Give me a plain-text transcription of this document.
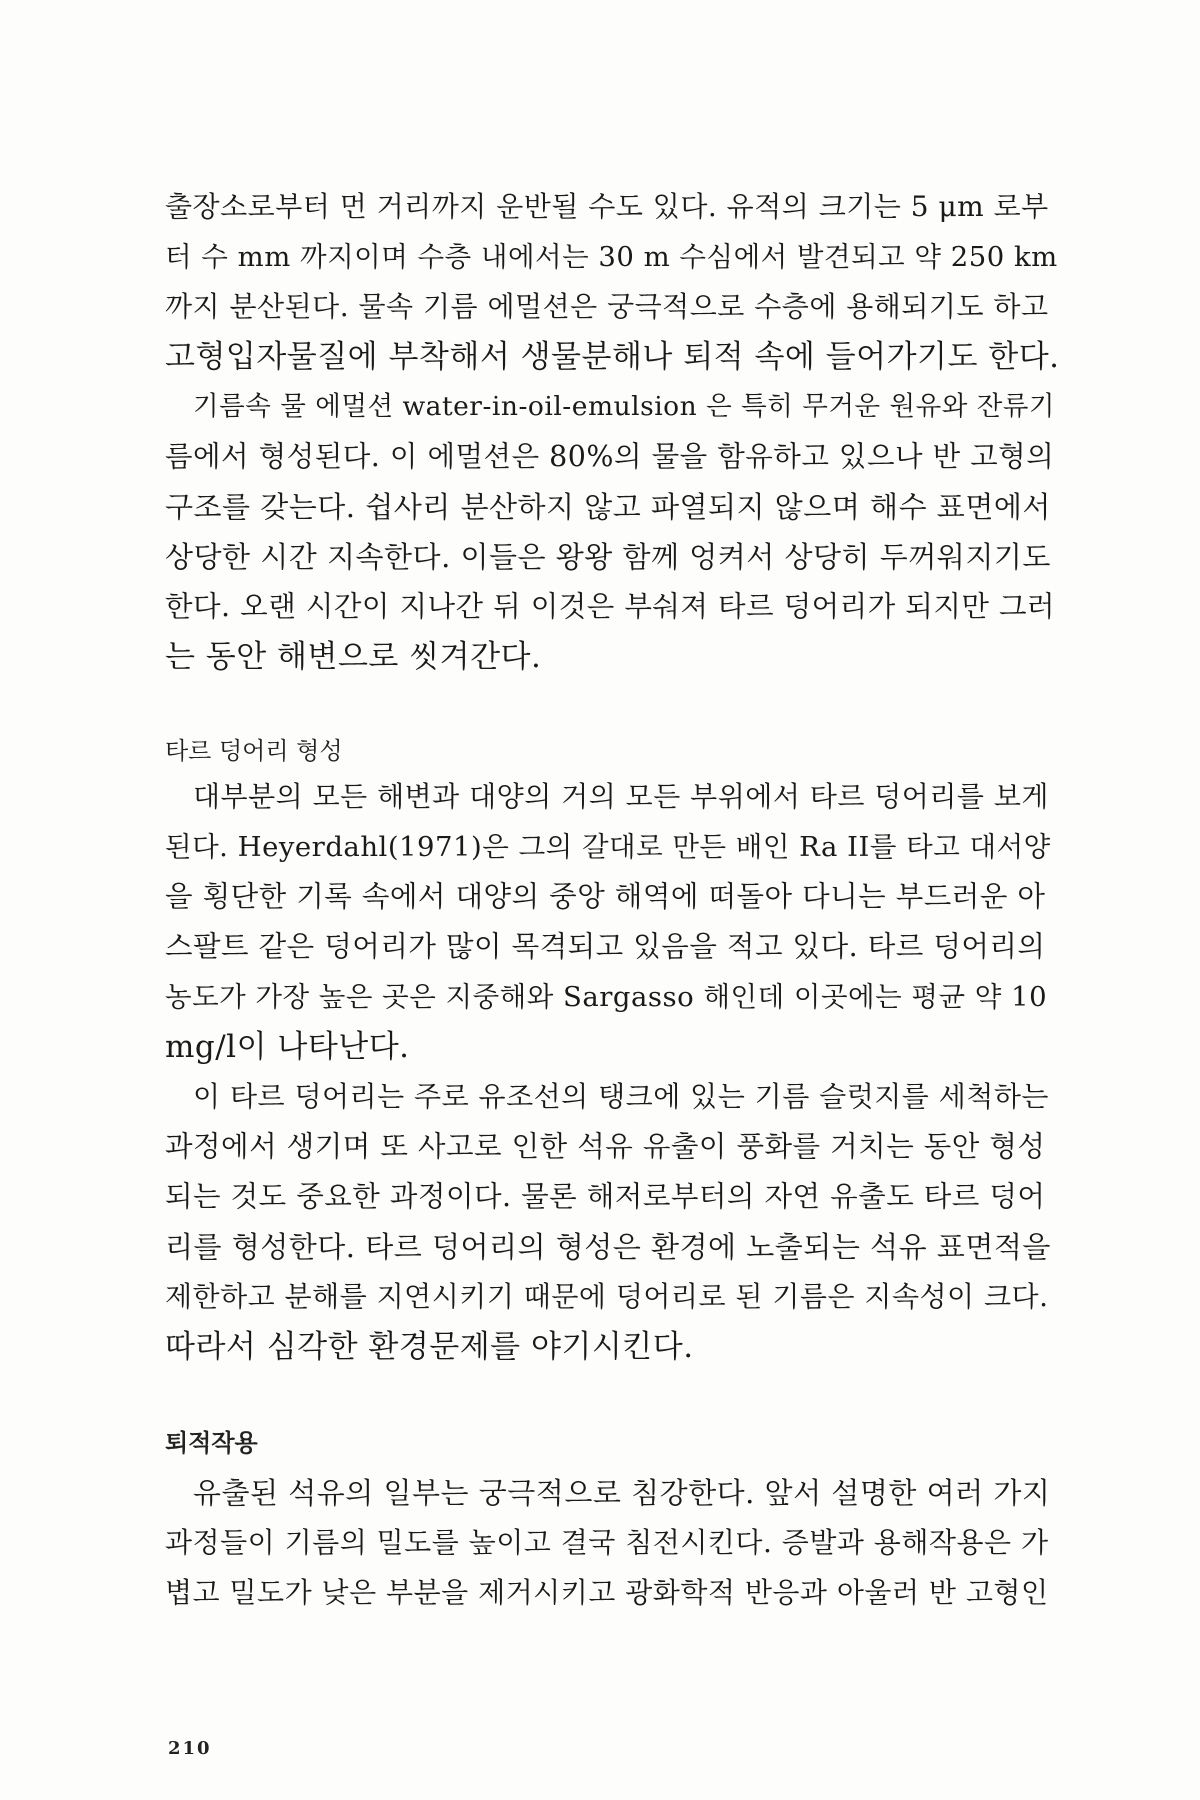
출장소로부터 먼 거리까지 운반될 수도 있다. 유적의 크기는 5 μm 로부
터 수 mm 까지이며 수층 내에서는 30 m 수심에서 발견되고 약 250 km
까지 분산된다. 물속 기름 에멀션은 궁극적으로 수층에 용해되기도 하고
고형입자물질에 부착해서 생물분해나 퇴적 속에 들어가기도 한다.
기름속 물 에멀션 water-in-oil-emulsion 은 특히 무거운 원유와 잔류기
름에서 형성된다. 이 에멀션은 80%의 물을 함유하고 있으나 반 고형의
구조를 갖는다. 쉽사리 분산하지 않고 파열되지 않으며 해수 표면에서
상당한 시간 지속한다. 이들은 왕왕 함께 엉켜서 상당히 두꺼워지기도
한다. 오랜 시간이 지나간 뒤 이것은 부숴져 타르 덩어리가 되지만 그러
는 동안 해변으로 씻겨간다.
타르 덩어리 형성
대부분의 모든 해변과 대양의 거의 모든 부위에서 타르 덩어리를 보게
된다. Heyerdahl(1971)은 그의 갈대로 만든 배인 Ra II를 타고 대서양
을 횡단한 기록 속에서 대양의 중앙 해역에 떠돌아 다니는 부드러운 아
스팔트 같은 덩어리가 많이 목격되고 있음을 적고 있다. 타르 덩어리의
농도가 가장 높은 곳은 지중해와 Sargasso 해인데 이곳에는 평균 약 10
mg/l이 나타난다.
이 타르 덩어리는 주로 유조선의 탱크에 있는 기름 슬럿지를 세척하는
과정에서 생기며 또 사고로 인한 석유 유출이 풍화를 거치는 동안 형성
되는 것도 중요한 과정이다. 물론 해저로부터의 자연 유출도 타르 덩어
리를 형성한다. 타르 덩어리의 형성은 환경에 노출되는 석유 표면적을
제한하고 분해를 지연시키기 때문에 덩어리로 된 기름은 지속성이 크다.
따라서 심각한 환경문제를 야기시킨다.
퇴적작용
유출된 석유의 일부는 궁극적으로 침강한다. 앞서 설명한 여러 가지
과정들이 기름의 밀도를 높이고 결국 침전시킨다. 증발과 용해작용은 가
볍고 밀도가 낮은 부분을 제거시키고 광화학적 반응과 아울러 반 고형인
210
